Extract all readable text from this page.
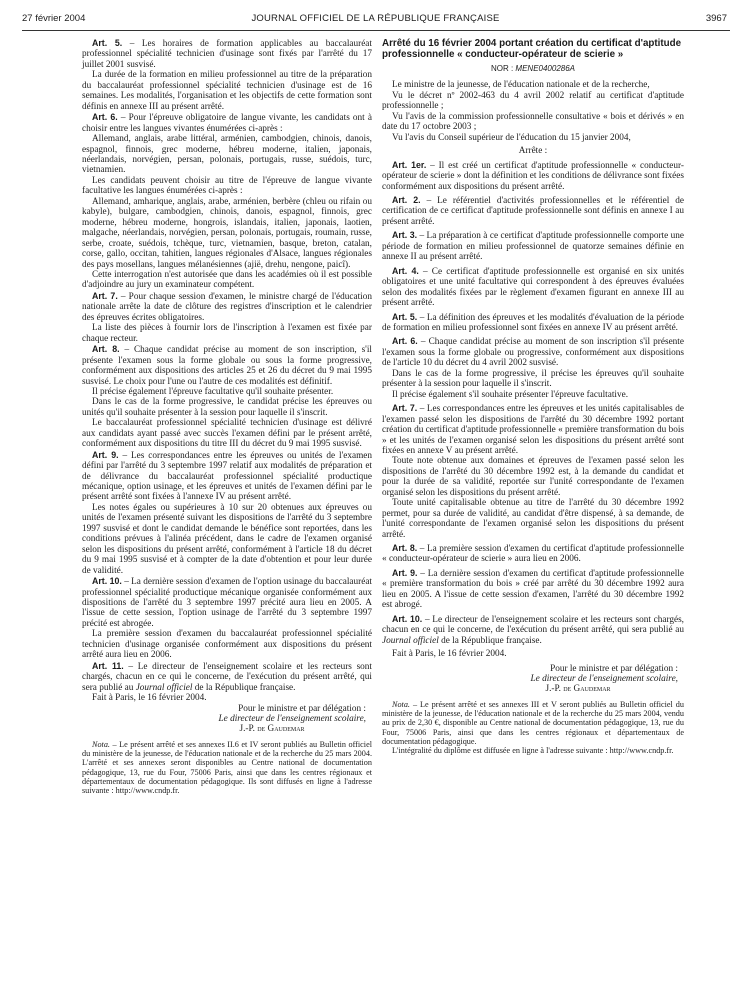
27 février 2004	JOURNAL OFFICIEL DE LA RÉPUBLIQUE FRANÇAISE	3967

Art. 5. – Les horaires de formation applicables au baccalauréat professionnel spécialité technicien d'usinage sont fixés par l'arrêté du 17 juillet 2001 susvisé.

La durée de la formation en milieu professionnel au titre de la préparation du baccalauréat professionnel spécialité technicien d'usinage est de 16 semaines. Les modalités, l'organisation et les objectifs de cette formation sont définis en annexe III au présent arrêté.

Art. 6. – Pour l'épreuve obligatoire de langue vivante, les candidats ont à choisir entre les langues vivantes énumérées ci-après :

Allemand, anglais, arabe littéral, arménien, cambodgien, chinois, danois, espagnol, finnois, grec moderne, hébreu moderne, italien, japonais, néerlandais, norvégien, persan, polonais, portugais, russe, suédois, turc, vietnamien.

Les candidats peuvent choisir au titre de l'épreuve de langue vivante facultative les langues énumérées ci-après :

Allemand, amharique, anglais, arabe, arménien, berbère (chleu ou rifain ou kabyle), bulgare, cambodgien, chinois, danois, espagnol, finnois, grec moderne, hébreu moderne, hongrois, islandais, italien, japonais, laotien, malgache, néerlandais, norvégien, persan, polonais, portugais, roumain, russe, serbe, croate, suédois, tchèque, turc, vietnamien, basque, breton, catalan, corse, gallo, occitan, tahitien, langues régionales d'Alsace, langues régionales des pays mosellans, langues mélanésiennes (ajië, drehu, nengone, paicî).

Cette interrogation n'est autorisée que dans les académies où il est possible d'adjoindre au jury un examinateur compétent.

Art. 7. – Pour chaque session d'examen, le ministre chargé de l'éducation nationale arrête la date de clôture des registres d'inscription et le calendrier des épreuves écrites obligatoires.

La liste des pièces à fournir lors de l'inscription à l'examen est fixée par chaque recteur.

Art. 8. – Chaque candidat précise au moment de son inscription, s'il présente l'examen sous la forme globale ou sous la forme progressive, conformément aux dispositions des articles 25 et 26 du décret du 9 mai 1995 susvisé. Le choix pour l'une ou l'autre de ces modalités est définitif.

Il précise également l'épreuve facultative qu'il souhaite présenter.

Dans le cas de la forme progressive, le candidat précise les épreuves ou unités qu'il souhaite présenter à la session pour laquelle il s'inscrit.

Le baccalauréat professionnel spécialité technicien d'usinage est délivré aux candidats ayant passé avec succès l'examen défini par le présent arrêté, conformément aux dispositions du titre III du décret du 9 mai 1995 susvisé.

Art. 9. – Les correspondances entre les épreuves ou unités de l'examen défini par l'arrêté du 3 septembre 1997 relatif aux modalités de préparation et de délivrance du baccalauréat professionnel spécialité productique mécanique, option usinage, et les épreuves et unités de l'examen défini par le présent arrêté sont fixées à l'annexe IV au présent arrêté.

Les notes égales ou supérieures à 10 sur 20 obtenues aux épreuves ou unités de l'examen présenté suivant les dispositions de l'arrêté du 3 septembre 1997 susvisé et dont le candidat demande le bénéfice sont reportées, dans les conditions prévues à l'alinéa précédent, dans le cadre de l'examen organisé selon les dispositions du présent arrêté, conformément à l'article 18 du décret du 9 mai 1995 susvisé et à compter de la date d'obtention et pour leur durée de validité.

Art. 10. – La dernière session d'examen de l'option usinage du baccalauréat professionnel spécialité productique mécanique organisée conformément aux dispositions de l'arrêté du 3 septembre 1997 précité aura lieu en 2005. A l'issue de cette session, l'option usinage de l'arrêté du 3 septembre 1997 précité est abrogée.

La première session d'examen du baccalauréat professionnel spécialité technicien d'usinage organisée conformément aux dispositions du présent arrêté aura lieu en 2006.

Art. 11. – Le directeur de l'enseignement scolaire et les recteurs sont chargés, chacun en ce qui le concerne, de l'exécution du présent arrêté, qui sera publié au Journal officiel de la République française.

Fait à Paris, le 16 février 2004.

Pour le ministre et par délégation :

Le directeur de l'enseignement scolaire,

J.-P. de Gaudemar

Nota. – Le présent arrêté et ses annexes II.6 et IV seront publiés au Bulletin officiel du ministère de la jeunesse, de l'éducation nationale et de la recherche du 25 mars 2004. L'arrêté et ses annexes seront disponibles au Centre national de documentation pédagogique, 13, rue du Four, 75006 Paris, ainsi que dans les centres régionaux et départementaux de documentation pédagogique. Ils sont diffusés en ligne à l'adresse suivante : http://www.cndp.fr.

Arrêté du 16 février 2004 portant création du certificat d'aptitude professionnelle « conducteur-opérateur de scierie »
NOR : MENE0400286A

Le ministre de la jeunesse, de l'éducation nationale et de la recherche,

Vu le décret nº 2002-463 du 4 avril 2002 relatif au certificat d'aptitude professionnelle ;

Vu l'avis de la commission professionnelle consultative « bois et dérivés » en date du 17 octobre 2003 ;

Vu l'avis du Conseil supérieur de l'éducation du 15 janvier 2004,

Arrête :

Art. 1er. – Il est créé un certificat d'aptitude professionnelle « conducteur-opérateur de scierie » dont la définition et les conditions de délivrance sont fixées conformément aux dispositions du présent arrêté.

Art. 2. – Le référentiel d'activités professionnelles et le référentiel de certification de ce certificat d'aptitude professionnelle sont définis en annexe I au présent arrêté.

Art. 3. – La préparation à ce certificat d'aptitude professionnelle comporte une période de formation en milieu professionnel de quatorze semaines définie en annexe II au présent arrêté.

Art. 4. – Ce certificat d'aptitude professionnelle est organisé en six unités obligatoires et une unité facultative qui correspondent à des épreuves évaluées selon des modalités fixées par le règlement d'examen figurant en annexe III au présent arrêté.

Art. 5. – La définition des épreuves et les modalités d'évaluation de la période de formation en milieu professionnel sont fixées en annexe IV au présent arrêté.

Art. 6. – Chaque candidat précise au moment de son inscription s'il présente l'examen sous la forme globale ou progressive, conformément aux dispositions de l'article 10 du décret du 4 avril 2002 susvisé.

Dans le cas de la forme progressive, il précise les épreuves qu'il souhaite présenter à la session pour laquelle il s'inscrit.

Il précise également s'il souhaite présenter l'épreuve facultative.

Art. 7. – Les correspondances entre les épreuves et les unités capitalisables de l'examen passé selon les dispositions de l'arrêté du 30 décembre 1992 portant création du certificat d'aptitude professionnelle « première transformation du bois » et les unités de l'examen organisé selon les dispositions du présent arrêté sont fixées en annexe V au présent arrêté.

Toute note obtenue aux domaines et épreuves de l'examen passé selon les dispositions de l'arrêté du 30 décembre 1992 est, à la demande du candidat et pour la durée de sa validité, reportée sur l'unité correspondante de l'examen organisé selon les dispositions du présent arrêté.

Toute unité capitalisable obtenue au titre de l'arrêté du 30 décembre 1992 permet, pour sa durée de validité, au candidat d'être dispensé, à sa demande, de l'unité correspondante de l'examen organisé selon les dispositions du présent arrêté.

Art. 8. – La première session d'examen du certificat d'aptitude professionnelle « conducteur-opérateur de scierie » aura lieu en 2006.

Art. 9. – La dernière session d'examen du certificat d'aptitude professionnelle « première transformation du bois » créé par arrêté du 30 décembre 1992 aura lieu en 2005. A l'issue de cette session d'examen, l'arrêté du 30 décembre 1992 est abrogé.

Art. 10. – Le directeur de l'enseignement scolaire et les recteurs sont chargés, chacun en ce qui le concerne, de l'exécution du présent arrêté, qui sera publié au Journal officiel de la République française.

Fait à Paris, le 16 février 2004.

Pour le ministre et par délégation :

Le directeur de l'enseignement scolaire,

J.-P. de Gaudemar

Nota. – Le présent arrêté et ses annexes III et V seront publiés au Bulletin officiel du ministère de la jeunesse, de l'éducation nationale et de la recherche du 25 mars 2004, vendu au prix de 2,30 €, disponible au Centre national de documentation pédagogique, 13, rue du Four, 75006 Paris, ainsi que dans les centres régionaux et départementaux de documentation pédagogique.

L'intégralité du diplôme est diffusée en ligne à l'adresse suivante : http://www.cndp.fr.
